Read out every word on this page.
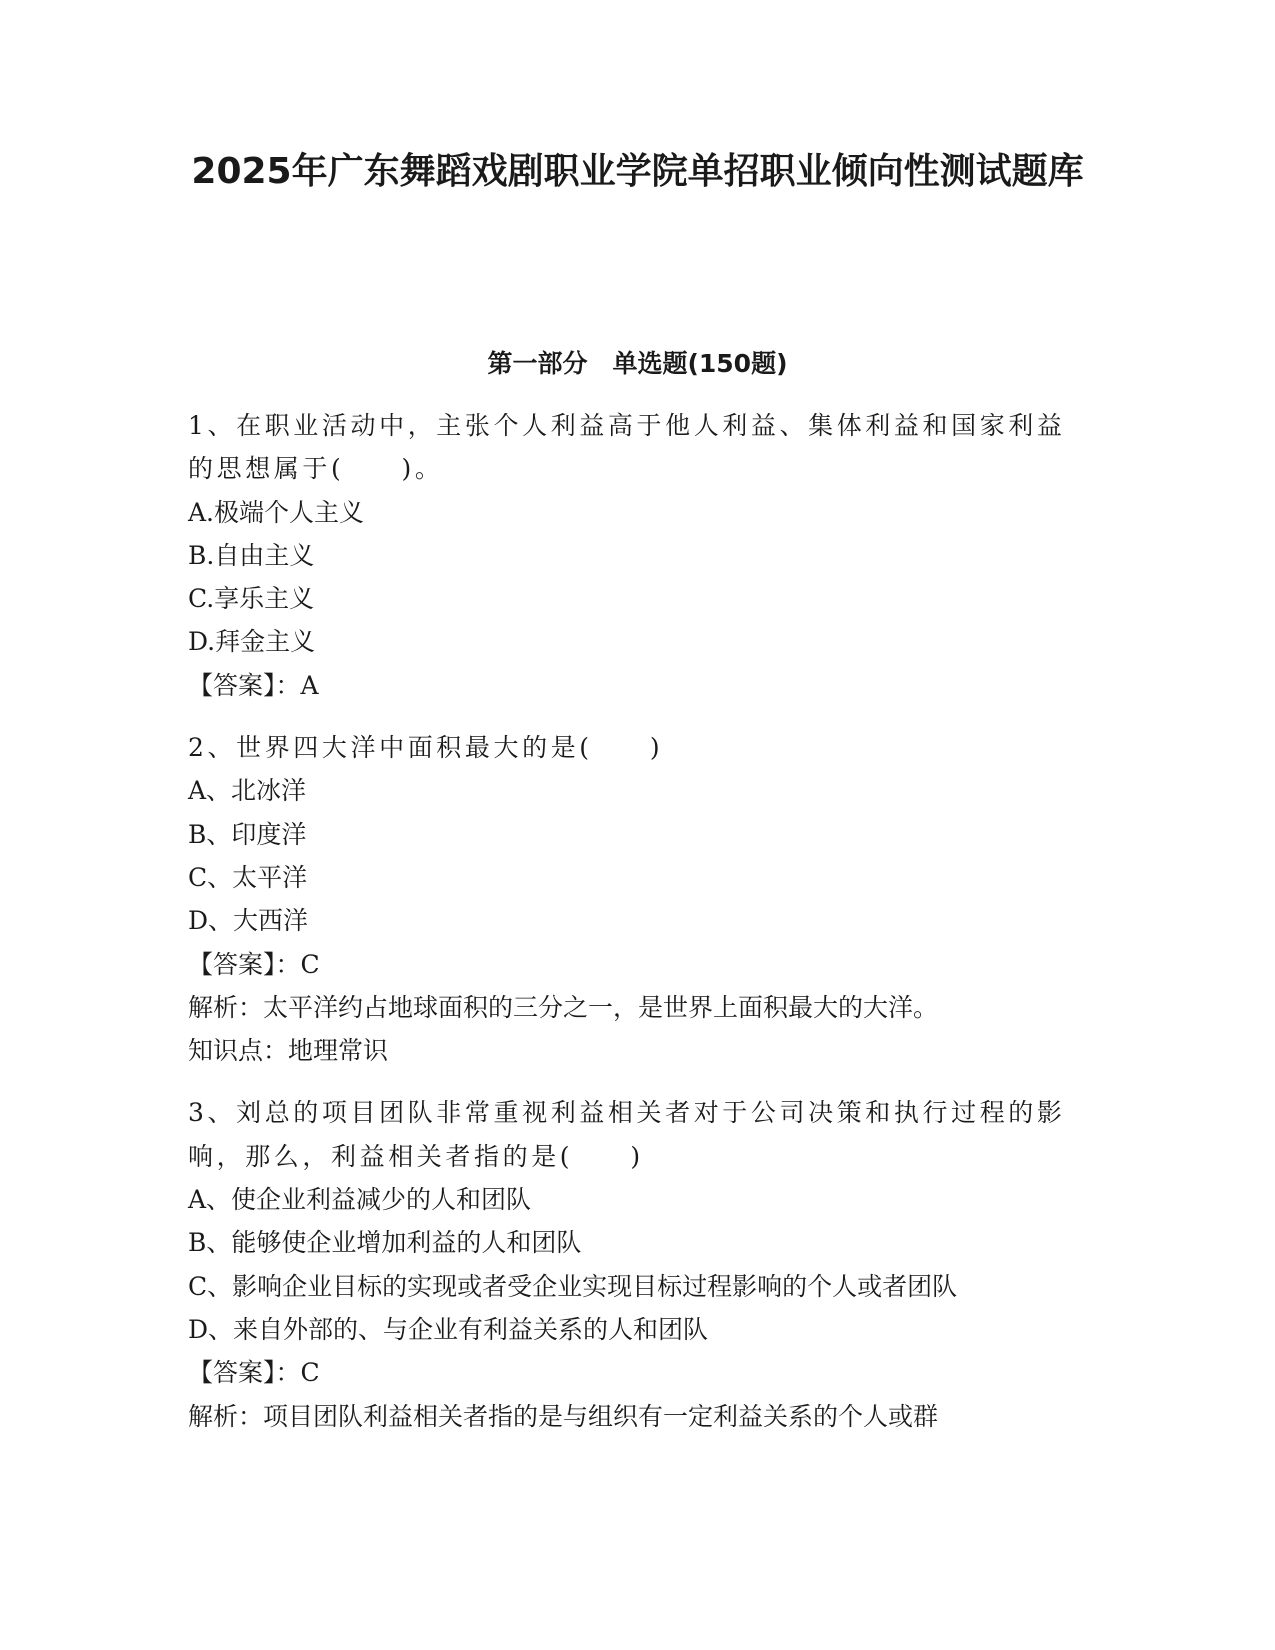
2025年广东舞蹈戏剧职业学院单招职业倾向性测试题库
第一部分　单选题(150题)

1、在职业活动中，主张个人利益高于他人利益、集体利益和国家利益的思想属于(　　)。

A.极端个人主义

B.自由主义

C.享乐主义

D.拜金主义

【答案】：A

2、世界四大洋中面积最大的是(　　)

A、北冰洋

B、印度洋

C、太平洋

D、大西洋

【答案】：C

解析：太平洋约占地球面积的三分之一，是世界上面积最大的大洋。

知识点：地理常识

3、刘总的项目团队非常重视利益相关者对于公司决策和执行过程的影响，那么，利益相关者指的是(　　)

A、使企业利益减少的人和团队

B、能够使企业增加利益的人和团队

C、影响企业目标的实现或者受企业实现目标过程影响的个人或者团队

D、来自外部的、与企业有利益关系的人和团队

【答案】：C

解析：项目团队利益相关者指的是与组织有一定利益关系的个人或群
